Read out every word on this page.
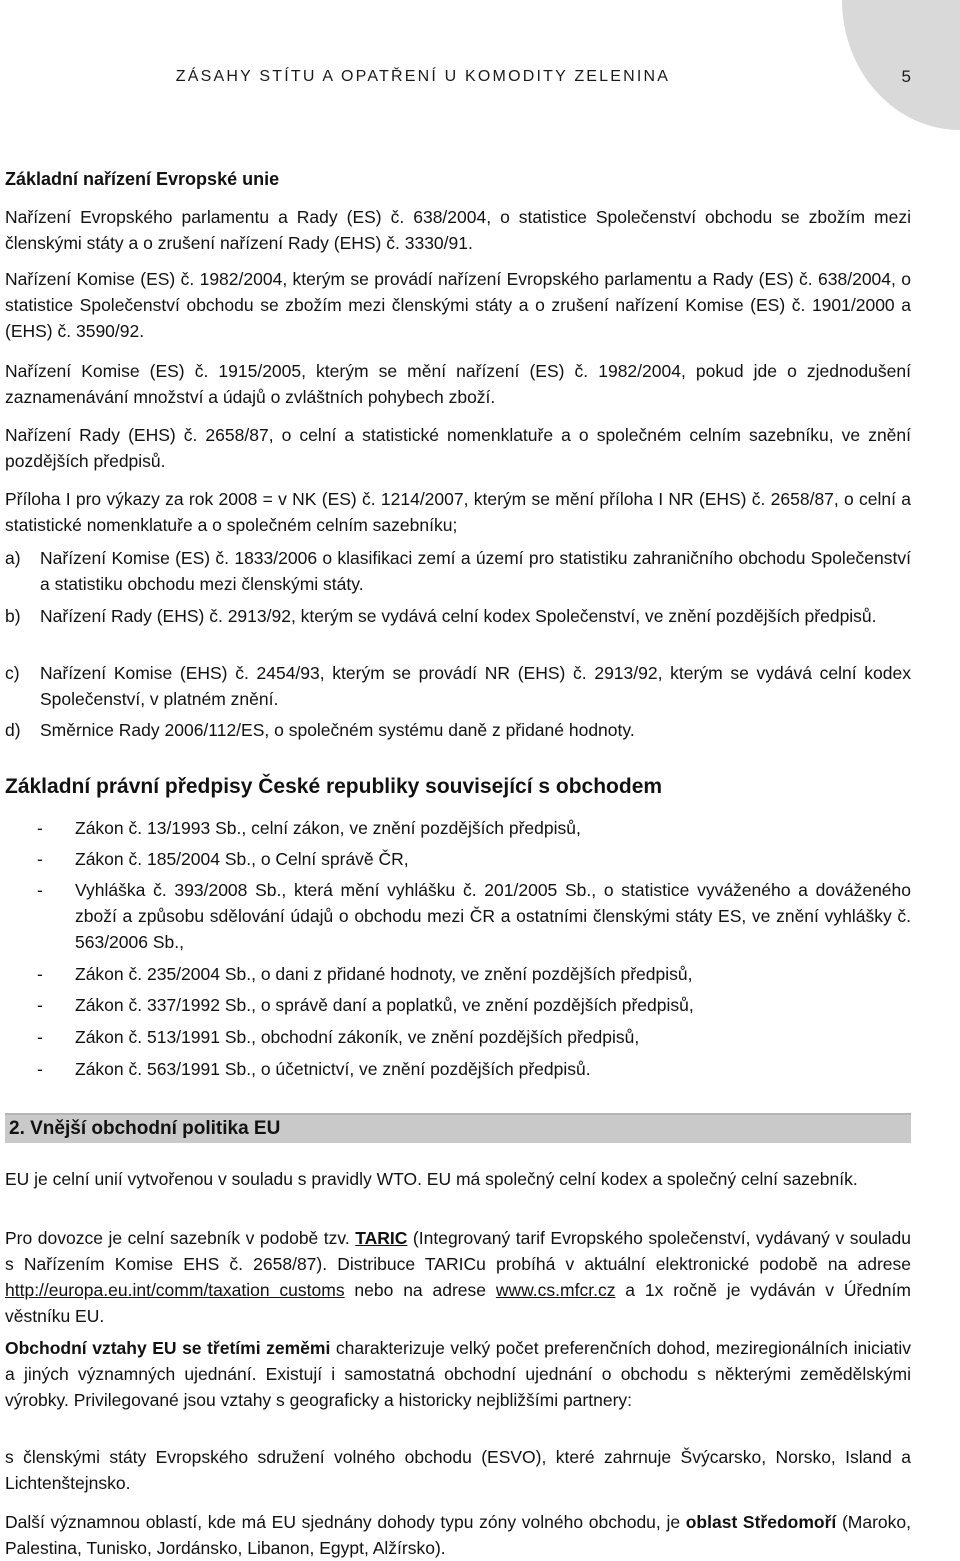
ZÁSAHY STÍTU A OPATŘENÍ U KOMODITY ZELENINA	5
Základní nařízení Evropské unie
Nařízení Evropského parlamentu a Rady (ES) č. 638/2004, o statistice Společenství obchodu se zbožím mezi členskými státy a o zrušení nařízení Rady (EHS) č. 3330/91.
Nařízení Komise (ES) č. 1982/2004, kterým se provádí nařízení Evropského parlamentu a Rady (ES) č. 638/2004, o statistice Společenství obchodu se zbožím mezi členskými státy a o zrušení nařízení Komise (ES) č. 1901/2000 a (EHS) č. 3590/92.
Nařízení Komise (ES) č. 1915/2005, kterým se mění nařízení (ES) č. 1982/2004, pokud jde o zjednodušení zaznamenávání množství a údajů o zvláštních pohybech zboží.
Nařízení Rady (EHS) č. 2658/87, o celní a statistické nomenklatuře a o společném celním sazebníku, ve znění pozdějších předpisů.
Příloha I pro výkazy za rok 2008 = v NK (ES) č. 1214/2007, kterým se mění příloha I NR (EHS) č. 2658/87, o celní a statistické nomenklatuře a o společném celním sazebníku;
a) Nařízení Komise (ES) č. 1833/2006 o klasifikaci zemí a území pro statistiku zahraničního obchodu Společenství a statistiku obchodu mezi členskými státy.
b) Nařízení Rady (EHS) č. 2913/92, kterým se vydává celní kodex Společenství, ve znění pozdějších předpisů.
c) Nařízení Komise (EHS) č. 2454/93, kterým se provádí NR (EHS) č. 2913/92, kterým se vydává celní kodex Společenství, v platném znění.
d) Směrnice Rady 2006/112/ES, o společném systému daně z přidané hodnoty.
Základní právní předpisy České republiky související s obchodem
- Zákon č. 13/1993 Sb., celní zákon, ve znění pozdějších předpisů,
- Zákon č. 185/2004 Sb., o Celní správě ČR,
- Vyhláška č. 393/2008 Sb., která mění vyhlášku č. 201/2005 Sb., o statistice vyváženého a dováženého zboží a způsobu sdělování údajů o obchodu mezi ČR a ostatními členskými státy ES, ve znění vyhlášky č. 563/2006 Sb.,
- Zákon č. 235/2004 Sb., o dani z přidané hodnoty, ve znění pozdějších předpisů,
- Zákon č. 337/1992 Sb., o správě daní a poplatků, ve znění pozdějších předpisů,
- Zákon č. 513/1991 Sb., obchodní zákoník, ve znění pozdějších předpisů,
- Zákon č. 563/1991 Sb., o účetnictví, ve znění pozdějších předpisů.
2. Vnější obchodní politika EU
EU je celní unií vytvořenou v souladu s pravidly WTO. EU má společný celní kodex a společný celní sazebník.
Pro dovozce je celní sazebník v podobě tzv. TARIC (Integrovaný tarif Evropského společenství, vydávaný v souladu s Nařízením Komise EHS č. 2658/87). Distribuce TARICu probíhá v aktuální elektronické podobě na adrese http://europa.eu.int/comm/taxation customs nebo na adrese www.cs.mfcr.cz a 1x ročně je vydáván v Úředním věstníku EU.
Obchodní vztahy EU se třetími zeměmi charakterizuje velký počet preferenčních dohod, meziregionálních iniciativ a jiných významných ujednání. Existují i samostatná obchodní ujednání o obchodu s některými zemědělskými výrobky. Privilegované jsou vztahy s geograficky a historicky nejbližšími partnery:
s členskými státy Evropského sdružení volného obchodu (ESVO), které zahrnuje Švýcarsko, Norsko, Island a Lichtenštejnsko.
Další významnou oblastí, kde má EU sjednány dohody typu zóny volného obchodu, je oblast Středomoří (Maroko, Palestina, Tunisko, Jordánsko, Libanon, Egypt, Alžírsko).
